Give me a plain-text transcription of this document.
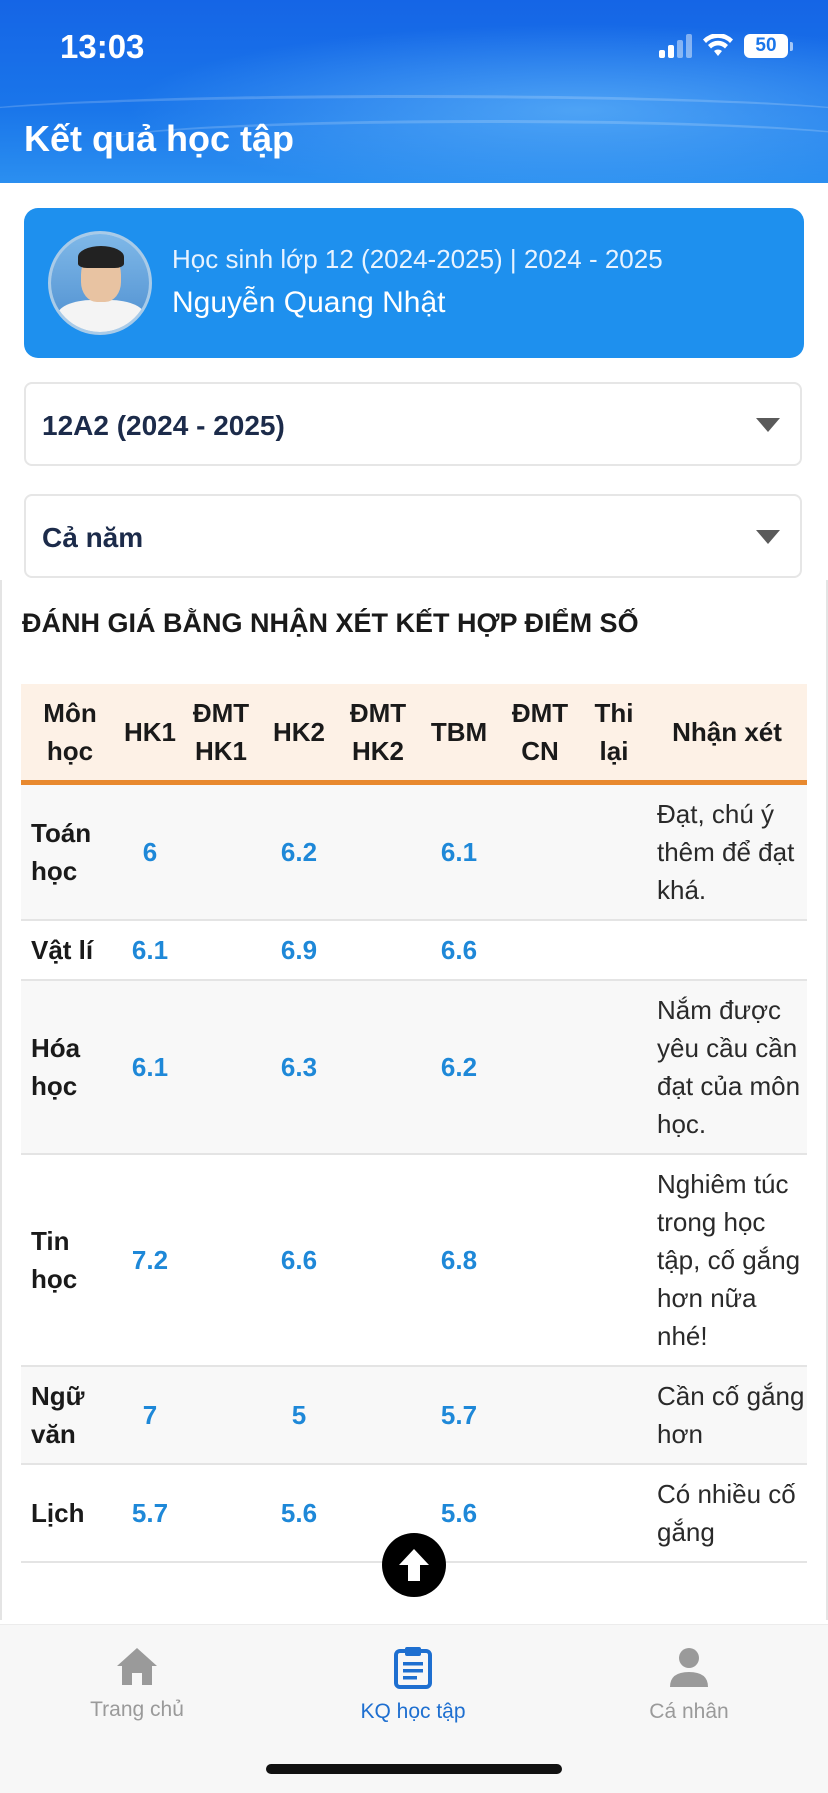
13:03	50
Kết quả học tập
Học sinh lớp 12 (2024-2025) | 2024 - 2025
Nguyễn Quang Nhật
12A2 (2024 - 2025)
Cả năm
ĐÁNH GIÁ BẰNG NHẬN XÉT KẾT HỢP ĐIỂM SỐ
Môn học	HK1	ĐMT HK1	HK2	ĐMT HK2	TBM	ĐMT CN	Thi lại	Nhận xét
Toán học	6		6.2		6.1			Đạt, chú ý thêm để đạt khá.
Vật lí	6.1		6.9		6.6			
Hóa học	6.1		6.3		6.2			Nắm được yêu cầu cần đạt của môn học.
Tin học	7.2		6.6		6.8			Nghiêm túc trong học tập, cố gắng hơn nữa nhé!
Ngữ văn	7		5		5.7			Cần cố gắng hơn
Lịch	5.7		5.6		5.6			Có nhiều cố gắng
Trang chủ	KQ học tập	Cá nhân
